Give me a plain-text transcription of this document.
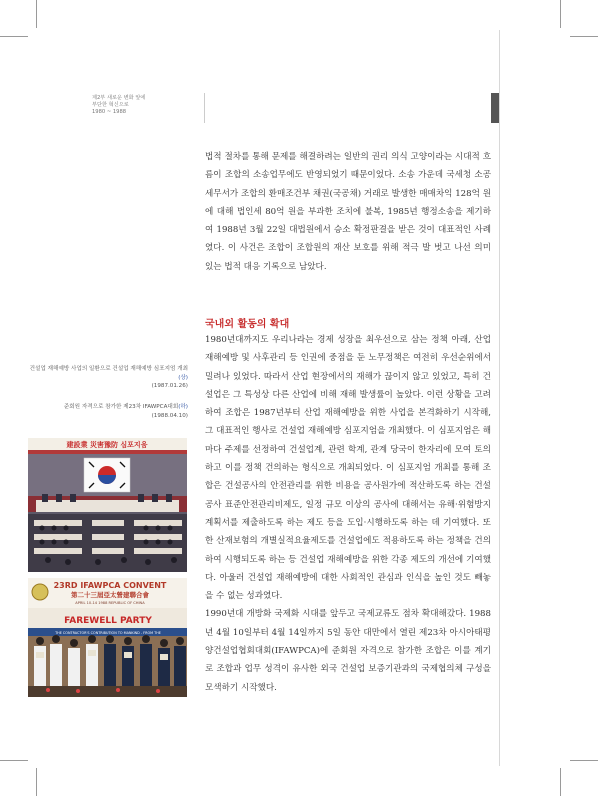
제2부 새로운 변화 앞에
부단한 혁신으로
1980 ~ 1988

법적 절차를 통해 문제를 해결하려는 일반의 권리 의식 고양이라는 시대적 흐름이 조합의 소송업무에도 반영되었기 때문이었다. 소송 가운데 국세청 소공세무서가 조합의 환매조건부 채권(국공채) 거래로 발생한 매매차익 128억 원에 대해 법인세 80억 원을 부과한 조치에 불복, 1985년 행정소송을 제기하여 1988년 3월 22일 대법원에서 승소 확정판결을 받은 것이 대표적인 사례였다. 이 사건은 조합이 조합원의 재산 보호를 위해 적극 발 벗고 나선 의미 있는 법적 대응 기록으로 남았다.

국내외 활동의 확대

1980년대까지도 우리나라는 경제 성장을 최우선으로 삼는 정책 아래, 산업 재해예방 및 사후관리 등 인권에 중점을 둔 노무정책은 여전히 우선순위에서 밀려나 있었다. 따라서 산업 현장에서의 재해가 끊이지 않고 있었고, 특히 건설업은 그 특성상 다른 산업에 비해 재해 발생률이 높았다. 이런 상황을 고려하여 조합은 1987년부터 산업 재해예방을 위한 사업을 본격화하기 시작해, 그 대표적인 행사로 건설업 재해예방 심포지엄을 개최했다. 이 심포지엄은 해마다 주제를 선정하여 건설업계, 관련 학계, 관계 당국이 한자리에 모여 토의하고 이를 정책 건의하는 형식으로 개최되었다. 이 심포지엄 개최를 통해 조합은 건설공사의 안전관리를 위한 비용을 공사원가에 적산하도록 하는 건설공사 표준안전관리비제도, 일정 규모 이상의 공사에 대해서는 유해·위험방지 계획서를 제출하도록 하는 제도 등을 도입·시행하도록 하는 데 기여했다. 또한 산재보험의 개별실적요율제도를 건설업에도 적용하도록 하는 정책을 건의하여 시행되도록 하는 등 건설업 재해예방을 위한 각종 제도의 개선에 기여했다. 아울러 건설업 재해예방에 대한 사회적인 관심과 인식을 높인 것도 빼놓을 수 없는 성과였다.

1990년대 개방화 국제화 시대를 앞두고 국제교류도 점차 확대해갔다. 1988년 4월 10일부터 4월 14일까지 5일 동안 대만에서 열린 제23차 아시아태평양건설업협회대회(IFAWPCA)에 준회원 자격으로 참가한 조합은 이를 계기로 조합과 업무 성격이 유사한 외국 건설업 보증기관과의 국제협의체 구성을 모색하기 시작했다.

건설업 재해예방 사업의 일환으로 건설업 재해예방 심포지엄 개최(상)
(1987.01.26)
준회원 자격으로 참가한 제23차 IFAWPCA대회(하)
(1988.04.10)
建設業 災害豫防 심포지움
23RD IFAWPCA CONVENT
第二十三屆亞太營建聯合會
APRIL 10-14 1988 REPUBLIC OF CHINA
FAREWELL PARTY
THE CONTRACTOR'S CONTRIBUTION TO MANKIND - FROM THE
